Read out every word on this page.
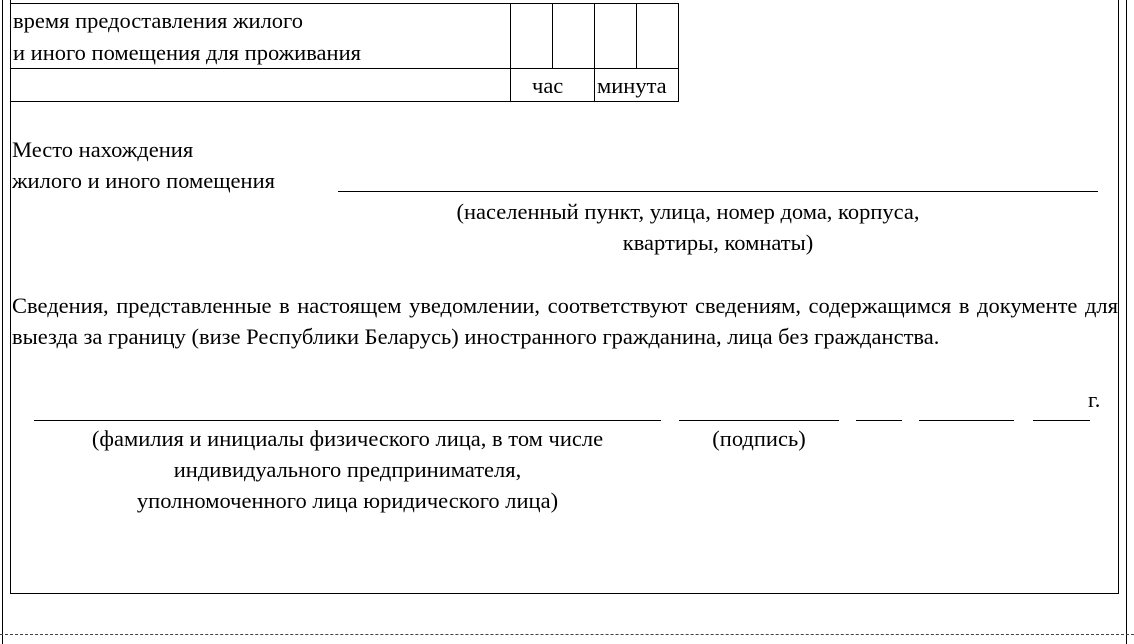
время предоставления жилого
и иного помещения для проживания
час минута
Место нахождения
жилого и иного помещения
(населенный пункт, улица, номер дома, корпуса,
квартиры, комнаты)
Сведения, представленные в настоящем уведомлении, соответствуют сведениям, содержащимся в документе для выезда за границу (визе Республики Беларусь) иностранного гражданина, лица без гражданства.
г.
(фамилия и инициалы физического лица, в том числе
индивидуального предпринимателя,
уполномоченного лица юридического лица)
(подпись)
